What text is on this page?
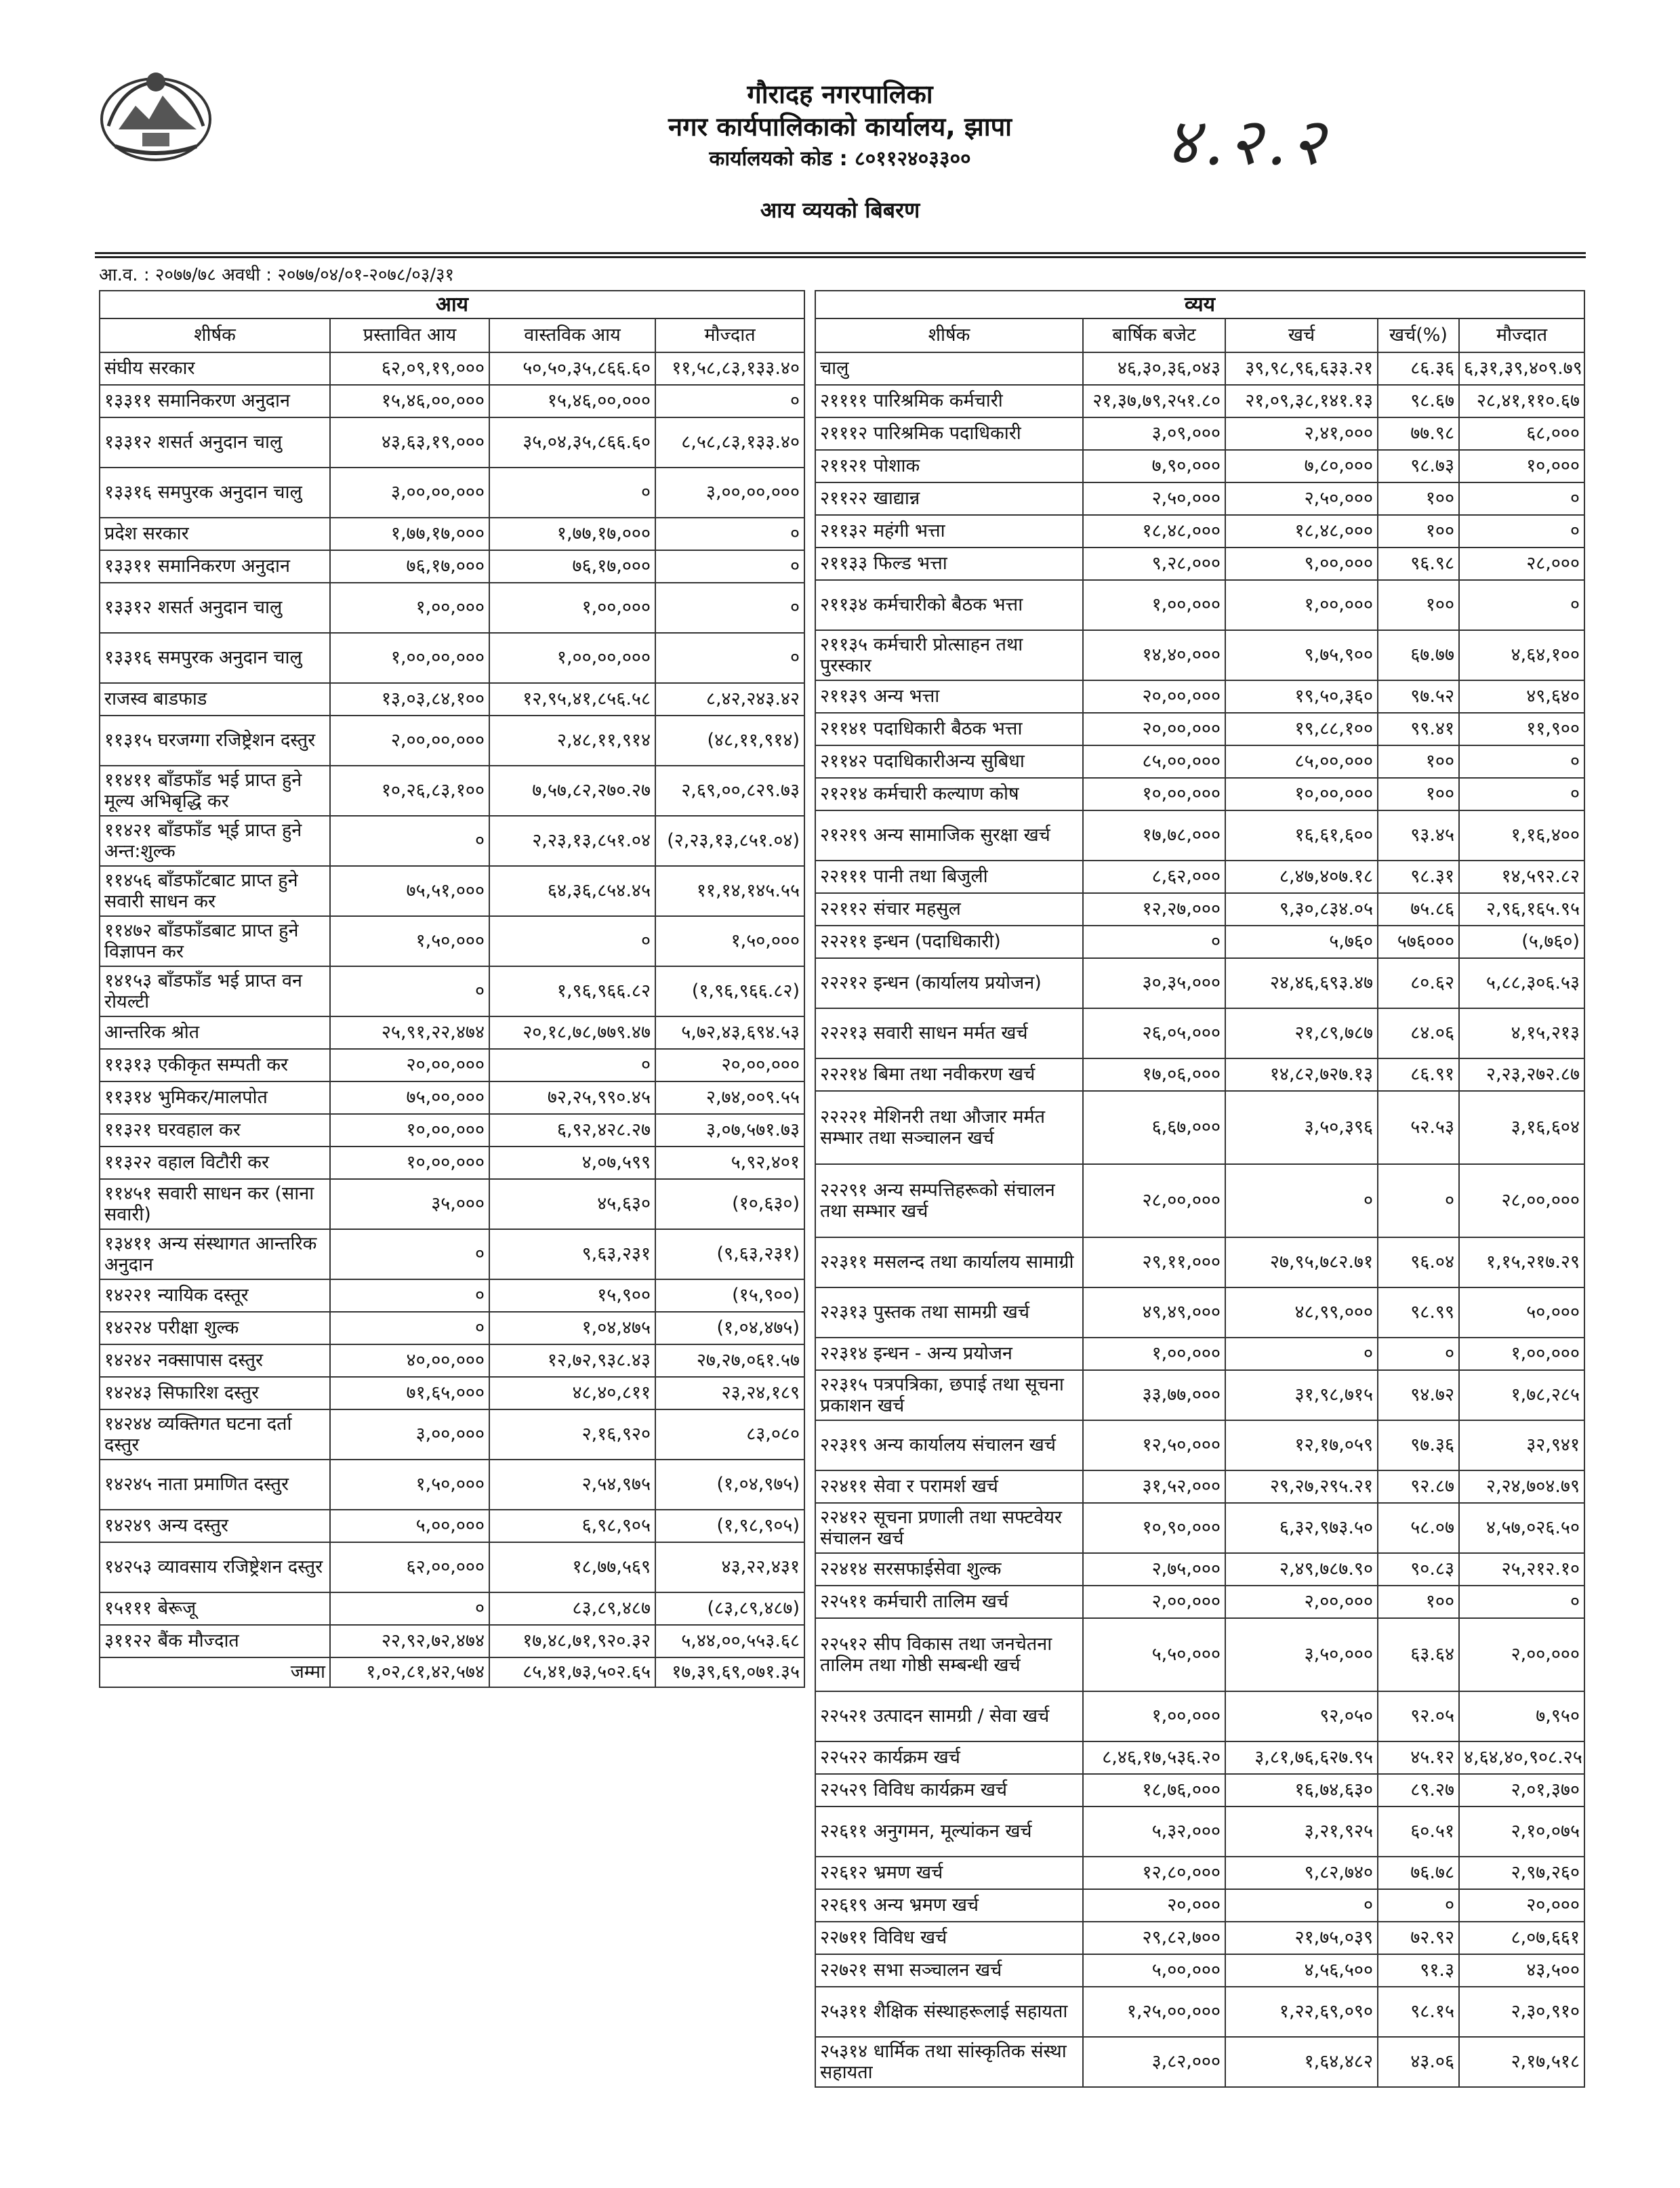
गौरादह नगरपालिका
नगर कार्यपालिकाको कार्यालय, झापा
कार्यालयको कोड : ८०११२४०३३००
आय व्ययको बिबरण
४.२.२
आ.व. : २०७७/७८ अवधी : २०७७/०४/०१-२०७८/०३/३१
आय			
शीर्षक	प्रस्तावित आय	वास्तविक आय	मौज्दात
संघीय सरकार	६२,०९,१९,०००	५०,५०,३५,८६६.६०	११,५८,८३,१३३.४०
१३३११ समानिकरण अनुदान	१५,४६,००,०००	१५,४६,००,०००	०
१३३१२ शसर्त अनुदान चालु	४३,६३,१९,०००	३५,०४,३५,८६६.६०	८,५८,८३,१३३.४०
१३३१६ समपुरक अनुदान चालु	३,००,००,०००	०	३,००,००,०००
प्रदेश सरकार	१,७७,१७,०००	१,७७,१७,०००	०
१३३११ समानिकरण अनुदान	७६,१७,०००	७६,१७,०००	०
१३३१२ शसर्त अनुदान चालु	१,००,०००	१,००,०००	०
१३३१६ समपुरक अनुदान चालु	१,००,००,०००	१,००,००,०००	०
राजस्व बाडफाड	१३,०३,८४,१००	१२,९५,४१,८५६.५८	८,४२,२४३.४२
११३१५ घरजग्गा रजिष्ट्रेशन दस्तुर	२,००,००,०००	२,४८,११,९१४	(४८,११,९१४)
११४११ बाँडफाँड भई प्राप्त हुने मूल्य अभिबृद्धि कर	१०,२६,८३,१००	७,५७,८२,२७०.२७	२,६९,००,८२९.७३
११४२१ बाँडफाँड भ्ई प्राप्त हुने अन्त:शुल्क	०	२,२३,१३,८५१.०४	(२,२३,१३,८५१.०४)
११४५६ बाँडफाँटबाट प्राप्त हुने सवारी साधन कर	७५,५१,०००	६४,३६,८५४.४५	११,१४,१४५.५५
११४७२ बाँडफाँडबाट प्राप्त हुने विज्ञापन कर	१,५०,०००	०	१,५०,०००
१४१५३ बाँडफाँड भई प्राप्त वन रोयल्टी	०	१,९६,९६६.८२	(१,९६,९६६.८२)
आन्तरिक श्रोत	२५,९१,२२,४७४	२०,१८,७८,७७९.४७	५,७२,४३,६९४.५३
११३१३ एकीकृत सम्पती कर	२०,००,०००	०	२०,००,०००
११३१४ भुमिकर/मालपोत	७५,००,०००	७२,२५,९९०.४५	२,७४,००९.५५
११३२१ घरवहाल कर	१०,००,०००	६,९२,४२८.२७	३,०७,५७१.७३
११३२२ वहाल विटौरी कर	१०,००,०००	४,०७,५९९	५,९२,४०१
११४५१ सवारी साधन कर (साना सवारी)	३५,०००	४५,६३०	(१०,६३०)
१३४११ अन्य संस्थागत आन्तरिक अनुदान	०	९,६३,२३१	(९,६३,२३१)
१४२२१ न्यायिक दस्तूर	०	१५,९००	(१५,९००)
१४२२४ परीक्षा शुल्क	०	१,०४,४७५	(१,०४,४७५)
१४२४२ नक्सापास दस्तुर	४०,००,०००	१२,७२,९३८.४३	२७,२७,०६१.५७
१४२४३ सिफारिश दस्तुर	७१,६५,०००	४८,४०,८११	२३,२४,१८९
१४२४४ व्यक्तिगत घटना दर्ता दस्तुर	३,००,०००	२,१६,९२०	८३,०८०
१४२४५ नाता प्रमाणित दस्तुर	१,५०,०००	२,५४,९७५	(१,०४,९७५)
१४२४९ अन्य दस्तुर	५,००,०००	६,९८,९०५	(१,९८,९०५)
१४२५३ व्यावसाय रजिष्ट्रेशन दस्तुर	६२,००,०००	१८,७७,५६९	४३,२२,४३१
१५१११ बेरूजू	०	८३,८९,४८७	(८३,८९,४८७)
३११२२ बैंक मौज्दात	२२,९२,७२,४७४	१७,४८,७१,९२०.३२	५,४४,००,५५३.६८
जम्मा	१,०२,८१,४२,५७४	८५,४१,७३,५०२.६५	१७,३९,६९,०७१.३५
व्यय				
शीर्षक	बार्षिक बजेट	खर्च	खर्च(%)	मौज्दात
चालु	४६,३०,३६,०४३	३९,९८,९६,६३३.२१	८६.३६	६,३१,३९,४०९.७९
२११११ पारिश्रमिक कर्मचारी	२१,३७,७९,२५१.८०	२१,०९,३८,१४१.१३	९८.६७	२८,४१,११०.६७
२१११२ पारिश्रमिक पदाधिकारी	३,०९,०००	२,४१,०००	७७.९८	६८,०००
२११२१ पोशाक	७,९०,०००	७,८०,०००	९८.७३	१०,०००
२११२२ खाद्यान्न	२,५०,०००	२,५०,०००	१००	०
२११३२ महंगी भत्ता	१८,४८,०००	१८,४८,०००	१००	०
२११३३ फिल्ड भत्ता	९,२८,०००	९,००,०००	९६.९८	२८,०००
२११३४ कर्मचारीको बैठक भत्ता	१,००,०००	१,००,०००	१००	०
२११३५ कर्मचारी प्रोत्साहन तथा पुरस्कार	१४,४०,०००	९,७५,९००	६७.७७	४,६४,१००
२११३९ अन्य भत्ता	२०,००,०००	१९,५०,३६०	९७.५२	४९,६४०
२११४१ पदाधिकारी बैठक भत्ता	२०,००,०००	१९,८८,१००	९९.४१	११,९००
२११४२ पदाधिकारीअन्य सुबिधा	८५,००,०००	८५,००,०००	१००	०
२१२१४ कर्मचारी कल्याण कोष	१०,००,०००	१०,००,०००	१००	०
२१२१९ अन्य सामाजिक सुरक्षा खर्च	१७,७८,०००	१६,६१,६००	९३.४५	१,१६,४००
२२१११ पानी तथा बिजुली	८,६२,०००	८,४७,४०७.१८	९८.३१	१४,५९२.८२
२२११२ संचार महसुल	१२,२७,०००	९,३०,८३४.०५	७५.८६	२,९६,१६५.९५
२२२११ इन्धन (पदाधिकारी)	०	५,७६०	५७६०००	(५,७६०)
२२२१२ इन्धन (कार्यालय प्रयोजन)	३०,३५,०००	२४,४६,६९३.४७	८०.६२	५,८८,३०६.५३
२२२१३ सवारी साधन मर्मत खर्च	२६,०५,०००	२१,८९,७८७	८४.०६	४,१५,२१३
२२२१४ बिमा तथा नवीकरण खर्च	१७,०६,०००	१४,८२,७२७.१३	८६.९१	२,२३,२७२.८७
२२२२१ मेशिनरी तथा औजार मर्मत सम्भार तथा सञ्चालन खर्च	६,६७,०००	३,५०,३९६	५२.५३	३,१६,६०४
२२२९१ अन्य सम्पत्तिहरूको संचालन तथा सम्भार खर्च	२८,००,०००	०	०	२८,००,०००
२२३११ मसलन्द तथा कार्यालय सामाग्री	२९,११,०००	२७,९५,७८२.७१	९६.०४	१,१५,२१७.२९
२२३१३ पुस्तक तथा सामग्री खर्च	४९,४९,०००	४८,९९,०००	९८.९९	५०,०००
२२३१४ इन्धन - अन्य प्रयोजन	१,००,०००	०	०	१,००,०००
२२३१५ पत्रपत्रिका, छपाई तथा सूचना प्रकाशन खर्च	३३,७७,०००	३१,९८,७१५	९४.७२	१,७८,२८५
२२३१९ अन्य कार्यालय संचालन खर्च	१२,५०,०००	१२,१७,०५९	९७.३६	३२,९४१
२२४११ सेवा र परामर्श खर्च	३१,५२,०००	२९,२७,२९५.२१	९२.८७	२,२४,७०४.७९
२२४१२ सूचना प्रणाली तथा सफ्टवेयर संचालन खर्च	१०,९०,०००	६,३२,९७३.५०	५८.०७	४,५७,०२६.५०
२२४१४ सरसफाईसेवा शुल्क	२,७५,०००	२,४९,७८७.९०	९०.८३	२५,२१२.१०
२२५११ कर्मचारी तालिम खर्च	२,००,०००	२,००,०००	१००	०
२२५१२ सीप विकास तथा जनचेतना तालिम तथा गोष्ठी सम्बन्धी खर्च	५,५०,०००	३,५०,०००	६३.६४	२,००,०००
२२५२१ उत्पादन सामग्री / सेवा खर्च	१,००,०००	९२,०५०	९२.०५	७,९५०
२२५२२ कार्यक्रम खर्च	८,४६,१७,५३६.२०	३,८१,७६,६२७.९५	४५.१२	४,६४,४०,९०८.२५
२२५२९ विविध कार्यक्रम खर्च	१८,७६,०००	१६,७४,६३०	८९.२७	२,०१,३७०
२२६११ अनुगमन, मूल्यांकन खर्च	५,३२,०००	३,२१,९२५	६०.५१	२,१०,०७५
२२६१२ भ्रमण खर्च	१२,८०,०००	९,८२,७४०	७६.७८	२,९७,२६०
२२६१९ अन्य भ्रमण खर्च	२०,०००	०	०	२०,०००
२२७११ विविध खर्च	२९,८२,७००	२१,७५,०३९	७२.९२	८,०७,६६१
२२७२१ सभा सञ्चालन खर्च	५,००,०००	४,५६,५००	९१.३	४३,५००
२५३११ शैक्षिक संस्थाहरूलाई सहायता	१,२५,००,०००	१,२२,६९,०९०	९८.१५	२,३०,९१०
२५३१४ धार्मिक तथा सांस्कृतिक संस्था सहायता	३,८२,०००	१,६४,४८२	४३.०६	२,१७,५१८
